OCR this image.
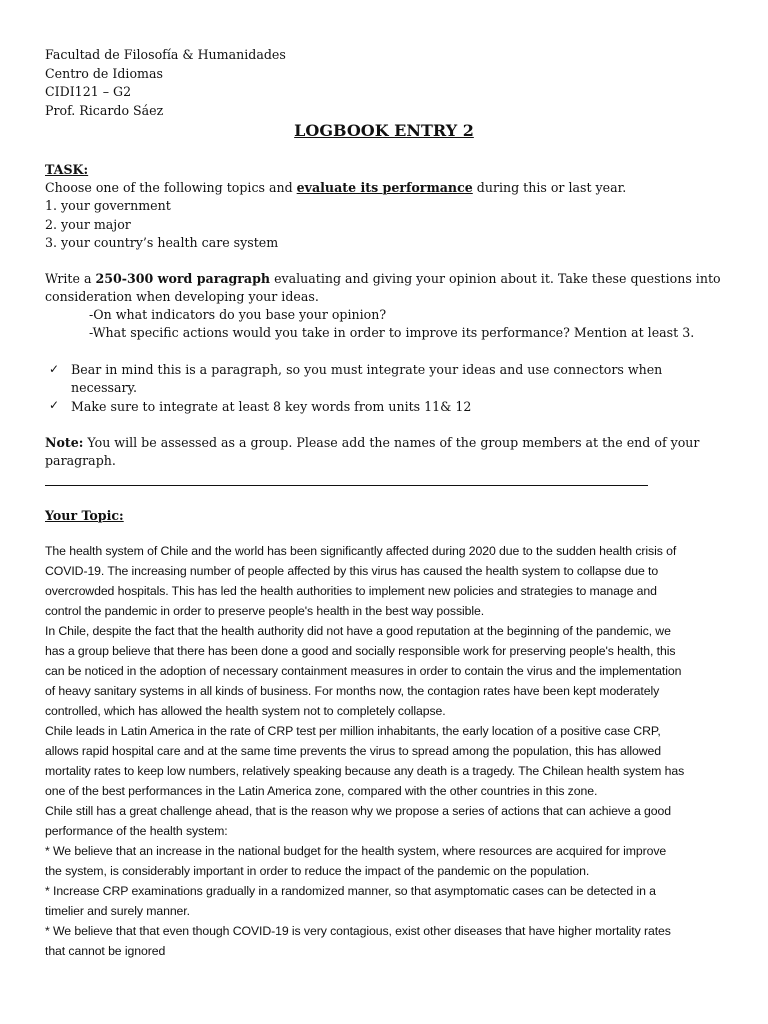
Facultad de Filosofía & Humanidades

Centro de Idiomas

CIDI121 – G2

Prof. Ricardo Sáez

LOGBOOK ENTRY 2

TASK:

Choose one of the following topics and evaluate its performance during this or last year.

1. your government

2. your major

3. your country’s health care system

Write a 250-300 word paragraph evaluating and giving your opinion about it. Take these questions into

consideration when developing your ideas.

-On what indicators do you base your opinion?

-What specific actions would you take in order to improve its performance? Mention at least 3.

✓ Bear in mind this is a paragraph, so you must integrate your ideas and use connectors when

necessary.

✓ Make sure to integrate at least 8 key words from units 11& 12

Note: You will be assessed as a group. Please add the names of the group members at the end of your

paragraph.

Your Topic:

The health system of Chile and the world has been significantly affected during 2020 due to the sudden health crisis of

COVID-19. The increasing number of people affected by this virus has caused the health system to collapse due to

overcrowded hospitals. This has led the health authorities to implement new policies and strategies to manage and

control the pandemic in order to preserve people's health in the best way possible.

In Chile, despite the fact that the health authority did not have a good reputation at the beginning of the pandemic, we

has a group believe that there has been done a good and socially responsible work for preserving people's health, this

can be noticed in the adoption of necessary containment measures in order to contain the virus and the implementation

of heavy sanitary systems in all kinds of business. For months now, the contagion rates have been kept moderately

controlled, which has allowed the health system not to completely collapse.

Chile leads in Latin America in the rate of CRP test per million inhabitants, the early location of a positive case CRP,

allows rapid hospital care and at the same time prevents the virus to spread among the population, this has allowed

mortality rates to keep low numbers, relatively speaking because any death is a tragedy. The Chilean health system has

one of the best performances in the Latin America zone, compared with the other countries in this zone.

Chile still has a great challenge ahead, that is the reason why we propose a series of actions that can achieve a good

performance of the health system:

* We believe that an increase in the national budget for the health system, where resources are acquired for improve

the system, is considerably important in order to reduce the impact of the pandemic on the population.

* Increase CRP examinations gradually in a randomized manner, so that asymptomatic cases can be detected in a

timelier and surely manner.

* We believe that that even though COVID-19 is very contagious, exist other diseases that have higher mortality rates

that cannot be ignored
